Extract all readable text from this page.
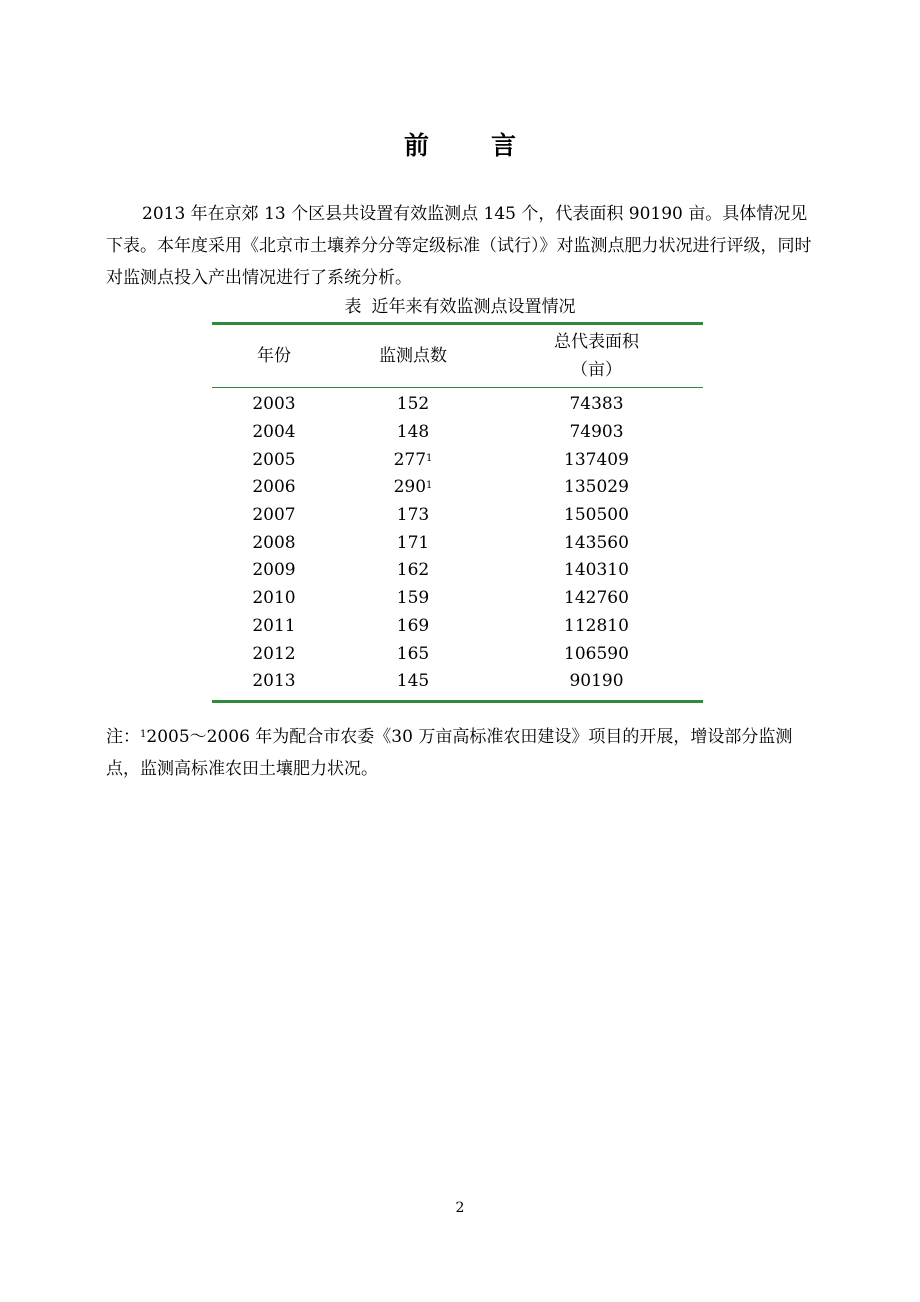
前 言

2013 年在京郊 13 个区县共设置有效监测点 145 个，代表面积 90190 亩。具体情况见下表。本年度采用《北京市土壤养分分等定级标准（试行）》对监测点肥力状况进行评级，同时对监测点投入产出情况进行了系统分析。

表 近年来有效监测点设置情况
年份	监测点数	总代表面积
（亩）

2003	152	74383
2004	148	74903
2005	$277^1$	137409
2006	$290^1$	135029
2007	173	150500
2008	171	143560
2009	162	140310
2010	159	142760
2011	169	112810
2012	165	106590
2013	145	90190

注：$^1$2005～2006 年为配合市农委《30 万亩高标准农田建设》项目的开展，增设部分监测点，监测高标准农田土壤肥力状况。

2
